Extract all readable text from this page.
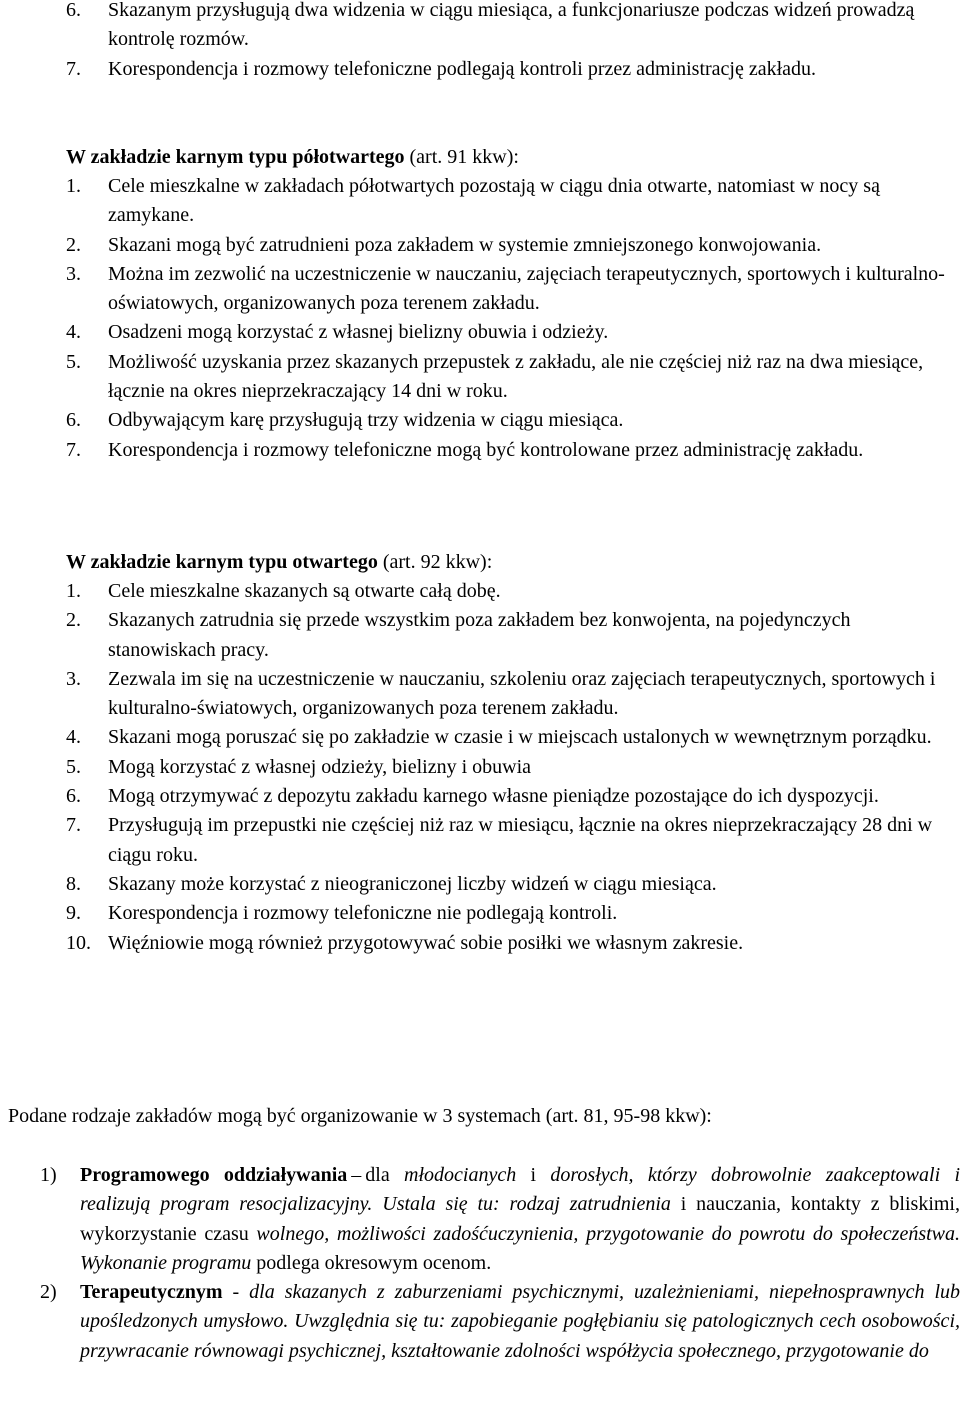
6.	Skazanym przysługują dwa widzenia w ciągu miesiąca, a funkcjonariusze podczas widzeń prowadzą kontrolę rozmów.
7.	Korespondencja i rozmowy telefoniczne podlegają kontroli przez administrację zakładu.
W zakładzie karnym typu półotwartego (art. 91 kkw):
1.	Cele mieszkalne w zakładach półotwartych pozostają w ciągu dnia otwarte, natomiast w nocy są zamykane.
2.	Skazani mogą być zatrudnieni poza zakładem w systemie zmniejszonego konwojowania.
3.	Można im zezwolić na uczestniczenie w nauczaniu, zajęciach terapeutycznych, sportowych i kulturalno-oświatowych, organizowanych poza terenem zakładu.
4.	Osadzeni mogą korzystać z własnej bielizny obuwia i odzieży.
5.	Możliwość uzyskania przez skazanych przepustek z zakładu, ale nie częściej niż raz na dwa miesiące, łącznie na okres nieprzekraczający 14 dni w roku.
6.	Odbywającym karę przysługują trzy widzenia w ciągu miesiąca.
7.	Korespondencja i rozmowy telefoniczne mogą być kontrolowane przez administrację zakładu.
W zakładzie karnym typu otwartego (art. 92 kkw):
1.	Cele mieszkalne skazanych są otwarte całą dobę.
2.	Skazanych zatrudnia się przede wszystkim poza zakładem bez konwojenta, na pojedynczych stanowiskach pracy.
3.	Zezwala im się na uczestniczenie w nauczaniu, szkoleniu oraz zajęciach terapeutycznych, sportowych i kulturalno-światowych, organizowanych poza terenem zakładu.
4.	Skazani mogą poruszać się po zakładzie w czasie i w miejscach ustalonych w wewnętrznym porządku.
5.	Mogą korzystać z własnej odzieży, bielizny i obuwia
6.	Mogą otrzymywać z depozytu zakładu karnego własne pieniądze pozostające do ich dyspozycji.
7.	Przysługują im przepustki nie częściej niż raz w miesiącu, łącznie na okres nieprzekraczający 28 dni w ciągu roku.
8.	Skazany może korzystać z nieograniczonej liczby widzeń w ciągu miesiąca.
9.	Korespondencja i rozmowy telefoniczne nie podlegają kontroli.
10. Więźniowie mogą również przygotowywać sobie posiłki we własnym zakresie.
Podane rodzaje zakładów mogą być organizowanie w 3 systemach (art. 81, 95-98 kkw):
1)	Programowego oddziaływania – dla młodocianych i dorosłych, którzy dobrowolnie zaakceptowali i realizują program resocjalizacyjny. Ustala się tu: rodzaj zatrudnienia i nauczania, kontakty z bliskimi, wykorzystanie czasu wolnego, możliwości zadośćuczynienia, przygotowanie do powrotu do społeczeństwa. Wykonanie programu podlega okresowym ocenom.
2)	Terapeutycznym - dla skazanych z zaburzeniami psychicznymi, uzależnieniami, niepełnosprawnych lub upośledzonych umysłowo. Uwzględnia się tu: zapobieganie pogłębianiu się patologicznych cech osobowości, przywracanie równowagi psychicznej, kształtowanie zdolności współżycia społecznego, przygotowanie do
